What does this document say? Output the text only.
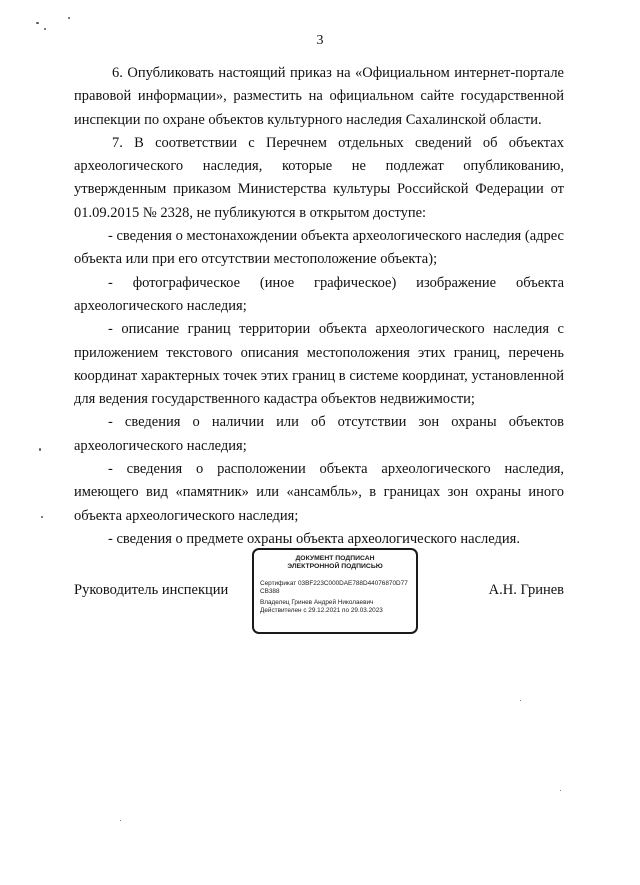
3

6. Опубликовать настоящий приказ на «Официальном интернет-портале правовой информации», разместить на официальном сайте государственной инспекции по охране объектов культурного наследия Сахалинской области.

7. В соответствии с Перечнем отдельных сведений об объектах археологического наследия, которые не подлежат опубликованию, утвержденным приказом Министерства культуры Российской Федерации от 01.09.2015 № 2328, не публикуются в открытом доступе:

- сведения о местонахождении объекта археологического наследия (адрес объекта или при его отсутствии местоположение объекта);

- фотографическое (иное графическое) изображение объекта археологического наследия;

- описание границ территории объекта археологического наследия с приложением текстового описания местоположения этих границ, перечень координат характерных точек этих границ в системе координат, установленной для ведения государственного кадастра объектов недвижимости;

- сведения о наличии или об отсутствии зон охраны объектов археологического наследия;

- сведения о расположении объекта археологического наследия, имеющего вид «памятник» или «ансамбль», в границах зон охраны иного объекта археологического наследия;

- сведения о предмете охраны объекта археологического наследия.

Руководитель инспекции
ДОКУМЕНТ ПОДПИСАН
ЭЛЕКТРОННОЙ ПОДПИСЬЮ
Сертификат 03BF223C000DAE788D44076870D77CB388
Владелец Гринев Андрей Николаевич
Действителен с 29.12.2021 по 29.03.2023
А.Н. Гринев
